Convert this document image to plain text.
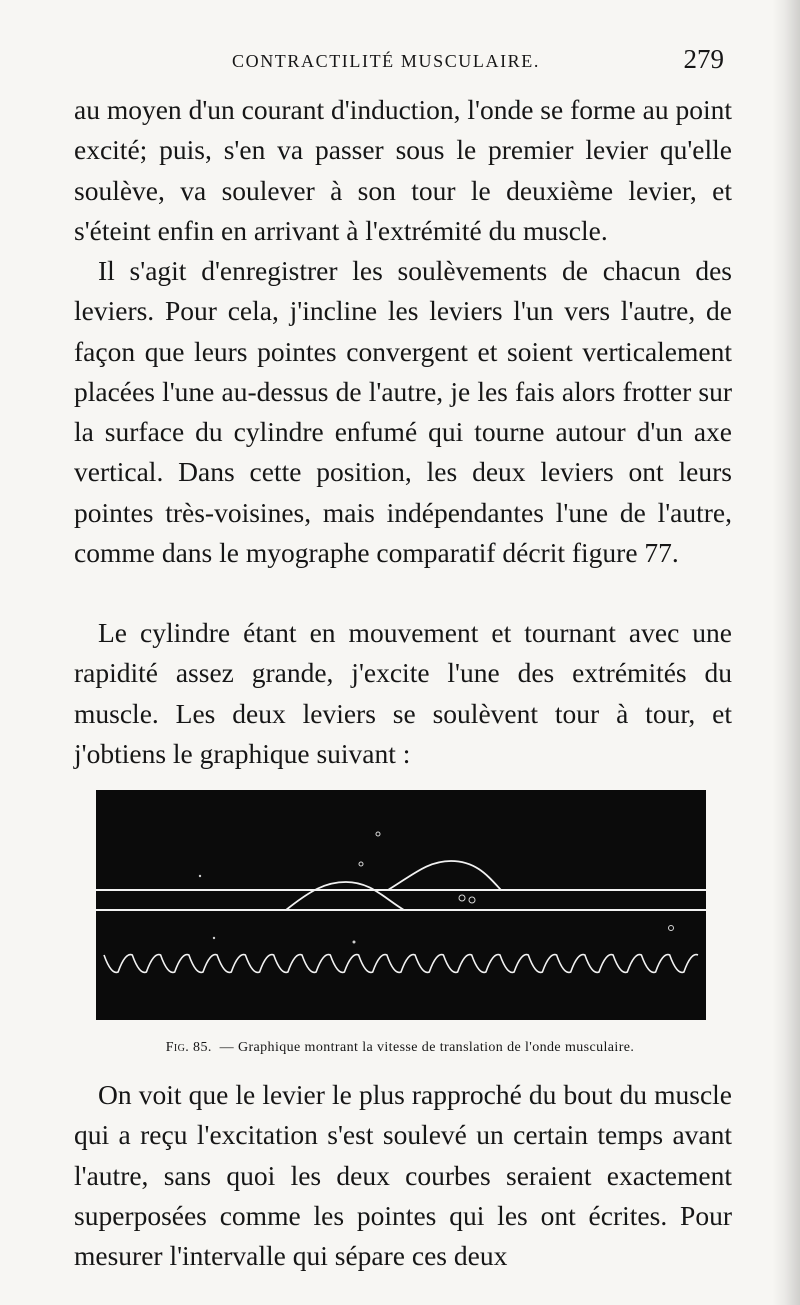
CONTRACTILITÉ MUSCULAIRE.	279

au moyen d'un courant d'induction, l'onde se forme au point excité; puis, s'en va passer sous le premier levier qu'elle soulève, va soulever à son tour le deuxième levier, et s'éteint enfin en arrivant à l'extrémité du muscle.

Il s'agit d'enregistrer les soulèvements de chacun des leviers. Pour cela, j'incline les leviers l'un vers l'autre, de façon que leurs pointes convergent et soient verticalement placées l'une au-dessus de l'autre, je les fais alors frotter sur la surface du cylindre enfumé qui tourne autour d'un axe vertical. Dans cette position, les deux leviers ont leurs pointes très-voisines, mais indépendantes l'une de l'autre, comme dans le myographe comparatif décrit figure 77.

Le cylindre étant en mouvement et tournant avec une rapidité assez grande, j'excite l'une des extrémités du muscle. Les deux leviers se soulèvent tour à tour, et j'obtiens le graphique suivant :

Fig. 85. — Graphique montrant la vitesse de translation de l'onde musculaire.

On voit que le levier le plus rapproché du bout du muscle qui a reçu l'excitation s'est soulevé un certain temps avant l'autre, sans quoi les deux courbes seraient exactement superposées comme les pointes qui les ont écrites. Pour mesurer l'intervalle qui sépare ces deux
